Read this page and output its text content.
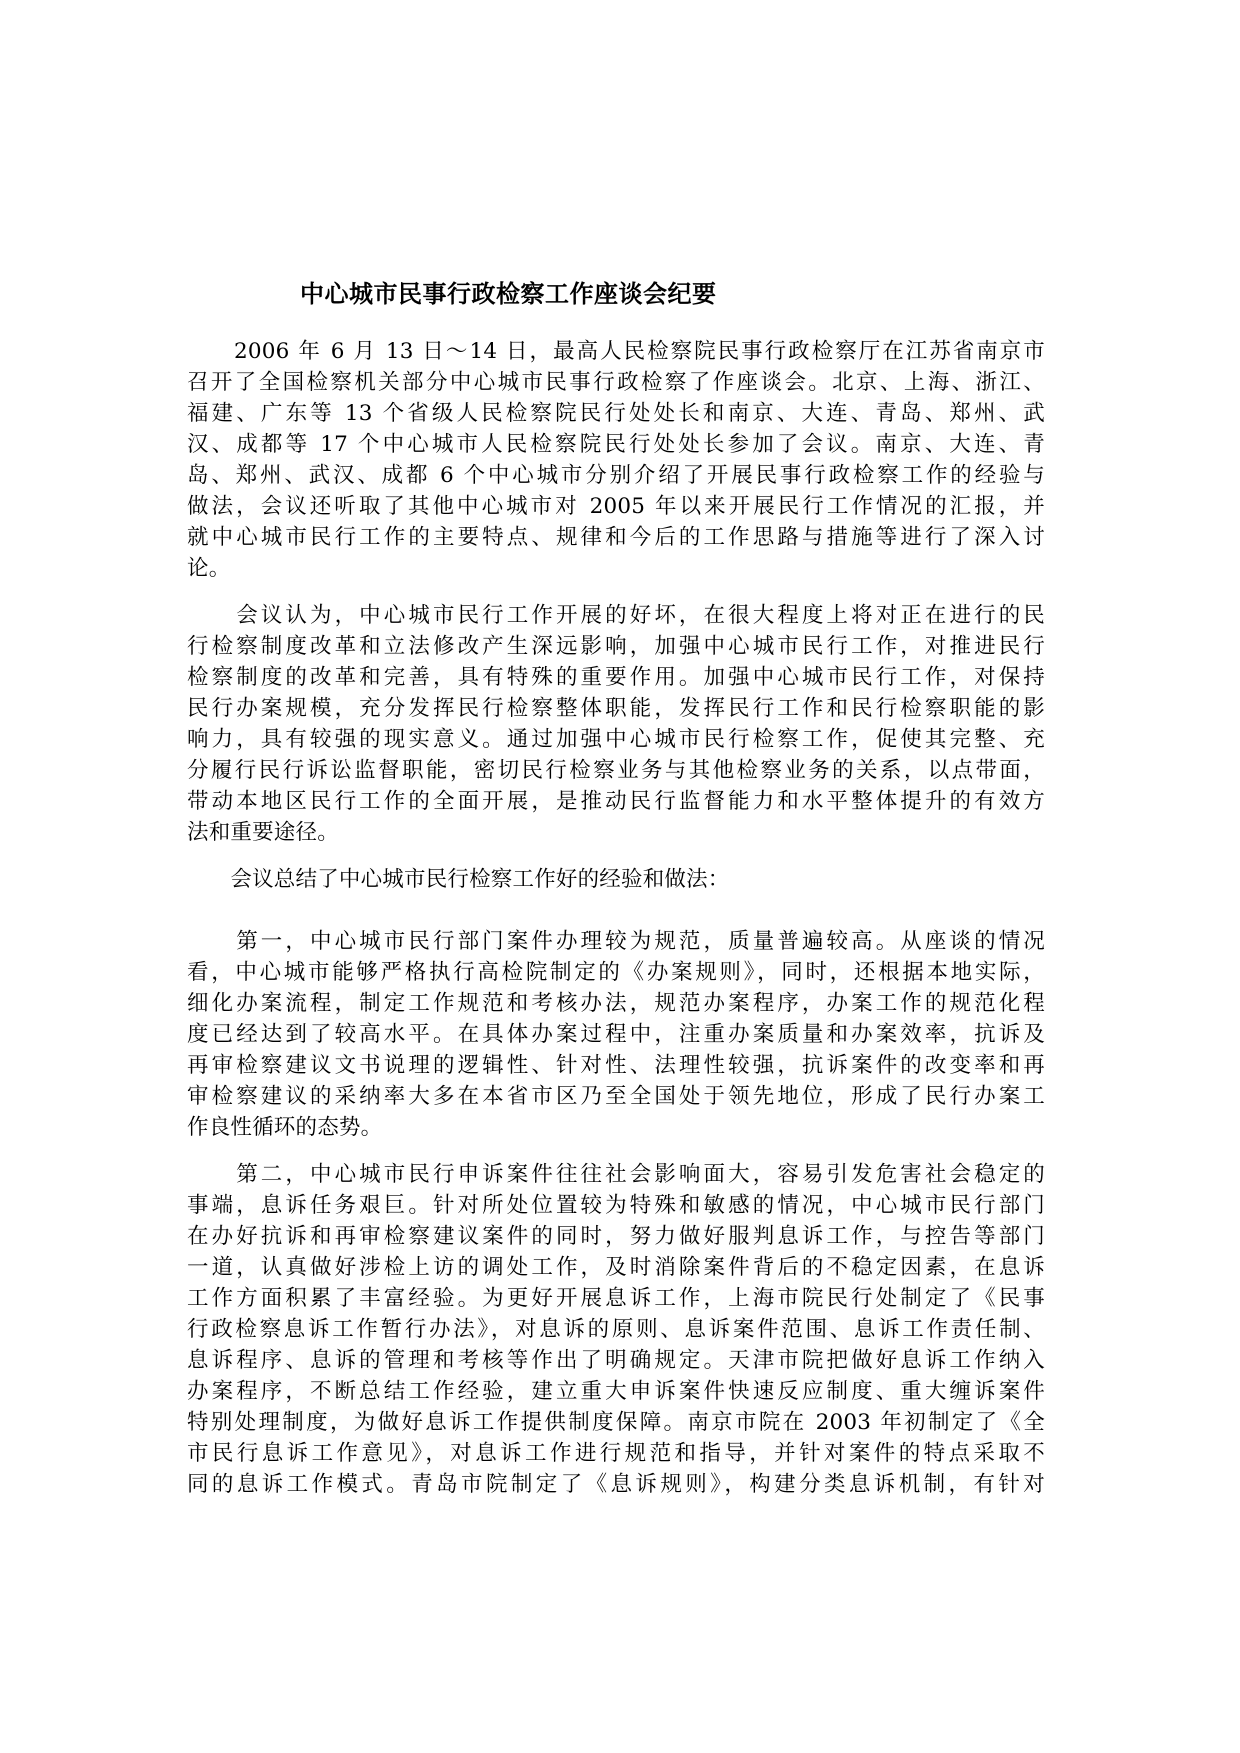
中心城市民事行政检察工作座谈会纪要

　　2006 年 6 月 13 日～14 日，最高人民检察院民事行政检察厅在江苏省南京市
召开了全国检察机关部分中心城市民事行政检察了作座谈会。北京、上海、浙江、
福建、广东等 13 个省级人民检察院民行处处长和南京、大连、青岛、郑州、武
汉、成都等 17 个中心城市人民检察院民行处处长参加了会议。南京、大连、青
岛、郑州、武汉、成都 6 个中心城市分别介绍了开展民事行政检察工作的经验与
做法，会议还听取了其他中心城市对 2005 年以来开展民行工作情况的汇报，并
就中心城市民行工作的主要特点、规律和今后的工作思路与措施等进行了深入讨
论。

　　会议认为，中心城市民行工作开展的好坏，在很大程度上将对正在进行的民
行检察制度改革和立法修改产生深远影响，加强中心城市民行工作，对推进民行
检察制度的改革和完善，具有特殊的重要作用。加强中心城市民行工作，对保持
民行办案规模，充分发挥民行检察整体职能，发挥民行工作和民行检察职能的影
响力，具有较强的现实意义。通过加强中心城市民行检察工作，促使其完整、充
分履行民行诉讼监督职能，密切民行检察业务与其他检察业务的关系，以点带面，
带动本地区民行工作的全面开展，是推动民行监督能力和水平整体提升的有效方
法和重要途径。

　　会议总结了中心城市民行检察工作好的经验和做法：

　　第一，中心城市民行部门案件办理较为规范，质量普遍较高。从座谈的情况
看，中心城市能够严格执行高检院制定的《办案规则》，同时，还根据本地实际，
细化办案流程，制定工作规范和考核办法，规范办案程序，办案工作的规范化程
度已经达到了较高水平。在具体办案过程中，注重办案质量和办案效率，抗诉及
再审检察建议文书说理的逻辑性、针对性、法理性较强，抗诉案件的改变率和再
审检察建议的采纳率大多在本省市区乃至全国处于领先地位，形成了民行办案工
作良性循环的态势。

　　第二，中心城市民行申诉案件往往社会影响面大，容易引发危害社会稳定的
事端，息诉任务艰巨。针对所处位置较为特殊和敏感的情况，中心城市民行部门
在办好抗诉和再审检察建议案件的同时，努力做好服判息诉工作，与控告等部门
一道，认真做好涉检上访的调处工作，及时消除案件背后的不稳定因素，在息诉
工作方面积累了丰富经验。为更好开展息诉工作，上海市院民行处制定了《民事
行政检察息诉工作暂行办法》，对息诉的原则、息诉案件范围、息诉工作责任制、
息诉程序、息诉的管理和考核等作出了明确规定。天津市院把做好息诉工作纳入
办案程序，不断总结工作经验，建立重大申诉案件快速反应制度、重大缠诉案件
特别处理制度，为做好息诉工作提供制度保障。南京市院在 2003 年初制定了《全
市民行息诉工作意见》，对息诉工作进行规范和指导，并针对案件的特点采取不
同的息诉工作模式。青岛市院制定了《息诉规则》，构建分类息诉机制，有针对
